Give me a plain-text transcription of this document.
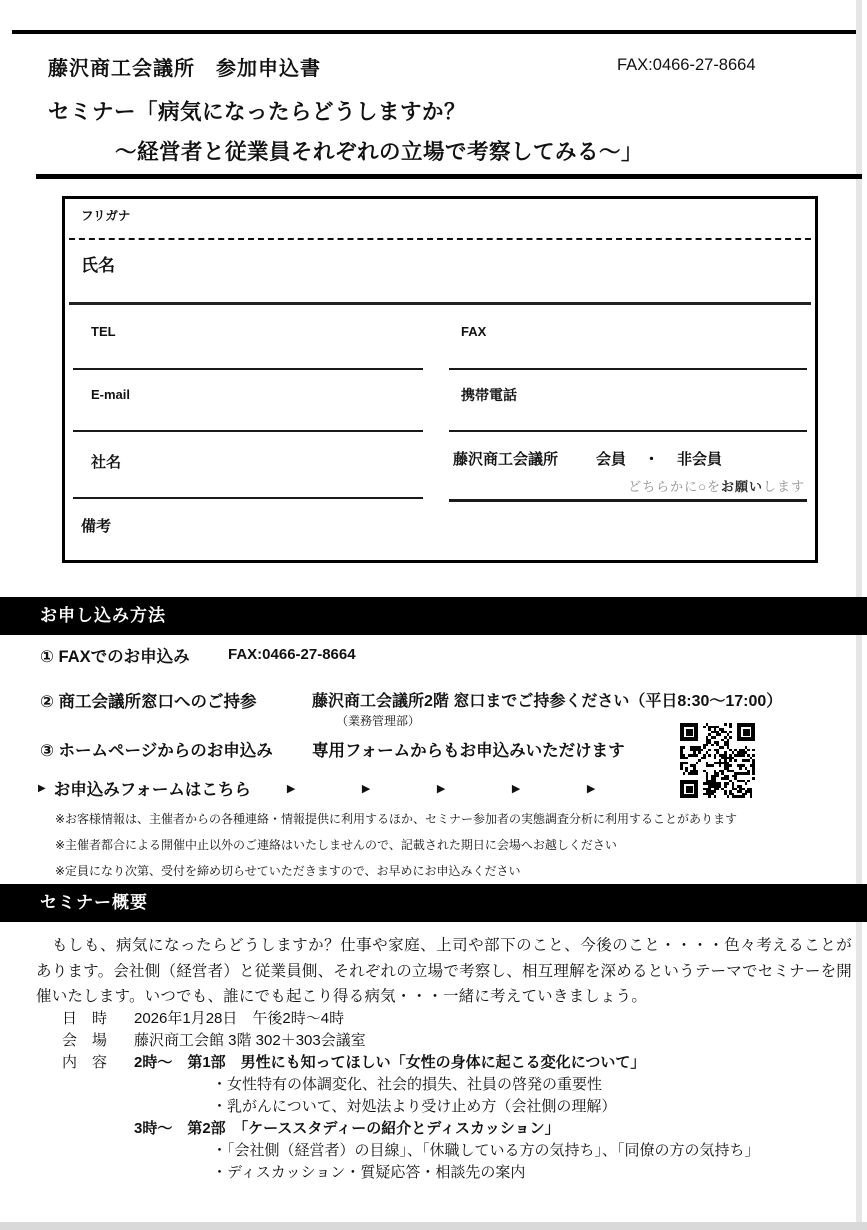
藤沢商工会議所　参加申込書	FAX:0466-27-8664
セミナー「病気になったらどうしますか？
～経営者と従業員それぞれの立場で考察してみる～」
フリガナ
氏名
TEL	FAX
E-mail	携帯電話
社名	藤沢商工会議所	会員 ・ 非会員
どちらかに○をお願いします
備考
お申し込み方法
① FAXでのお申込み	FAX:0466-27-8664
② 商工会議所窓口へのご持参	藤沢商工会議所2階 窓口までご持参ください（平日8:30～17:00）
（業務管理部）
③ ホームページからのお申込み 専用フォームからもお申込みいただけます
▶ お申込みフォームはこちら	▶	▶	▶	▶	▶
※お客様情報は、主催者からの各種連絡・情報提供に利用するほか、セミナー参加者の実態調査分析に利用することがあります
※主催者都合による開催中止以外のご連絡はいたしませんので、記載された期日に会場へお越しください
※定員になり次第、受付を締め切らせていただきますので、お早めにお申込みください
セミナー概要
　もしも、病気になったらどうしますか？仕事や家庭、上司や部下のこと、今後のこと・・・・色々考えることがあります。会社側（経営者）と従業員側、それぞれの立場で考察し、相互理解を深めるというテーマでセミナーを開催いたします。いつでも、誰にでも起こり得る病気・・・一緒に考えていきましょう。
日　時	2026年1月28日　午後2時～4時
会　場	藤沢商工会館 3階 302＋303会議室
内　容	2時～　第1部　男性にも知ってほしい「女性の身体に起こる変化について」
・女性特有の体調変化、社会的損失、社員の啓発の重要性
・乳がんについて、対処法より受け止め方（会社側の理解）
3時～　第2部　「ケーススタディーの紹介とディスカッション」
・「会社側（経営者）の目線」、「休職している方の気持ち」、「同僚の方の気持ち」
・ディスカッション・質疑応答・相談先の案内
